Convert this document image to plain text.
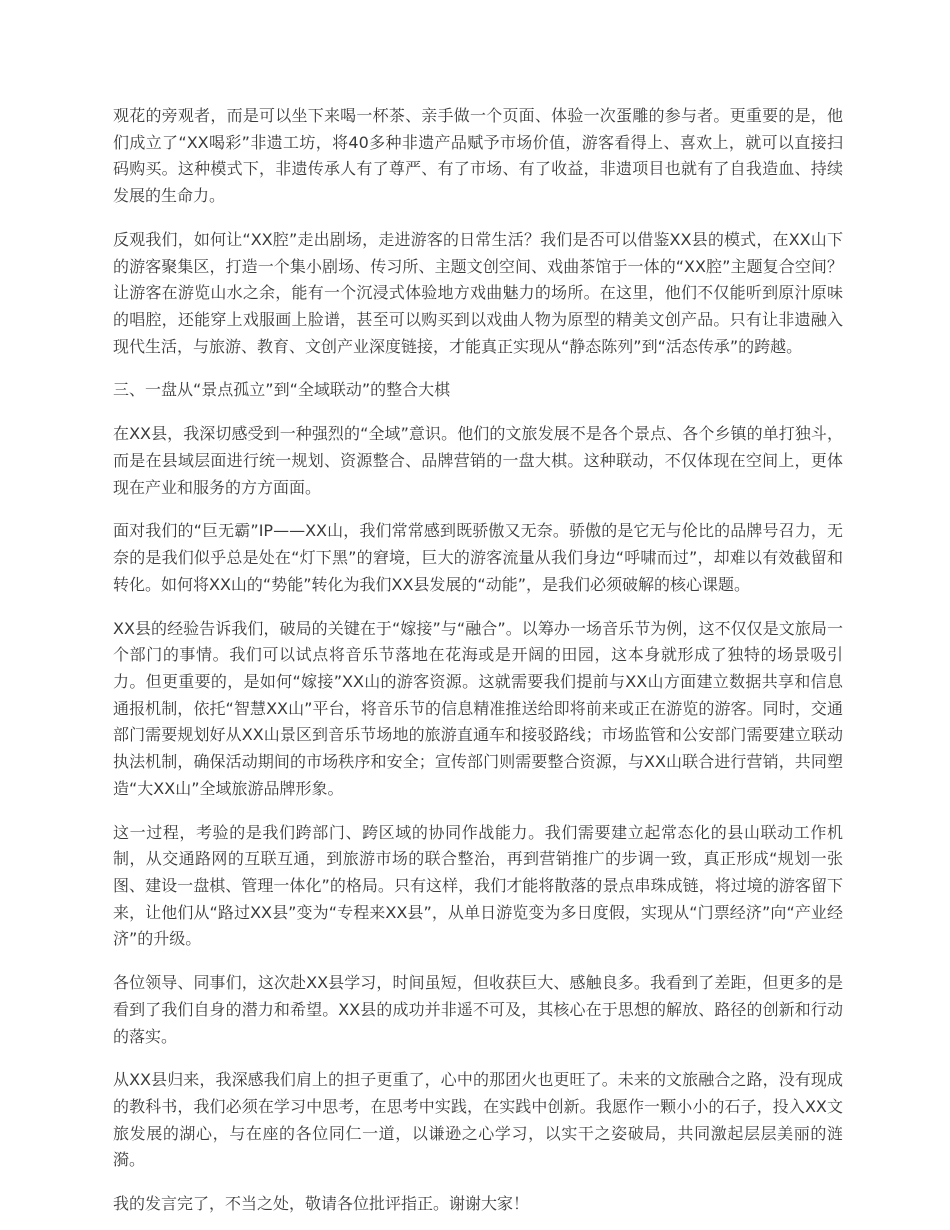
观花的旁观者，而是可以坐下来喝一杯茶、亲手做一个页面、体验一次蛋雕的参与者。更重要的是，他们成立了“XX喝彩”非遗工坊，将40多种非遗产品赋予市场价值，游客看得上、喜欢上，就可以直接扫码购买。这种模式下，非遗传承人有了尊严、有了市场、有了收益，非遗项目也就有了自我造血、持续发展的生命力。

反观我们，如何让“XX腔”走出剧场，走进游客的日常生活？我们是否可以借鉴XX县的模式，在XX山下的游客聚集区，打造一个集小剧场、传习所、主题文创空间、戏曲茶馆于一体的“XX腔”主题复合空间？让游客在游览山水之余，能有一个沉浸式体验地方戏曲魅力的场所。在这里，他们不仅能听到原汁原味的唱腔，还能穿上戏服画上脸谱，甚至可以购买到以戏曲人物为原型的精美文创产品。只有让非遗融入现代生活，与旅游、教育、文创产业深度链接，才能真正实现从“静态陈列”到“活态传承”的跨越。

三、一盘从“景点孤立”到“全域联动”的整合大棋

在XX县，我深切感受到一种强烈的“全域”意识。他们的文旅发展不是各个景点、各个乡镇的单打独斗，而是在县域层面进行统一规划、资源整合、品牌营销的一盘大棋。这种联动，不仅体现在空间上，更体现在产业和服务的方方面面。

面对我们的“巨无霸”IP——XX山，我们常常感到既骄傲又无奈。骄傲的是它无与伦比的品牌号召力，无奈的是我们似乎总是处在“灯下黑”的窘境，巨大的游客流量从我们身边“呼啸而过”，却难以有效截留和转化。如何将XX山的“势能”转化为我们XX县发展的“动能”，是我们必须破解的核心课题。

XX县的经验告诉我们，破局的关键在于“嫁接”与“融合”。以筹办一场音乐节为例，这不仅仅是文旅局一个部门的事情。我们可以试点将音乐节落地在花海或是开阔的田园，这本身就形成了独特的场景吸引力。但更重要的，是如何“嫁接”XX山的游客资源。这就需要我们提前与XX山方面建立数据共享和信息通报机制，依托“智慧XX山”平台，将音乐节的信息精准推送给即将前来或正在游览的游客。同时，交通部门需要规划好从XX山景区到音乐节场地的旅游直通车和接驳路线；市场监管和公安部门需要建立联动执法机制，确保活动期间的市场秩序和安全；宣传部门则需要整合资源，与XX山联合进行营销，共同塑造“大XX山”全域旅游品牌形象。

这一过程，考验的是我们跨部门、跨区域的协同作战能力。我们需要建立起常态化的县山联动工作机制，从交通路网的互联互通，到旅游市场的联合整治，再到营销推广的步调一致，真正形成“规划一张图、建设一盘棋、管理一体化”的格局。只有这样，我们才能将散落的景点串珠成链，将过境的游客留下来，让他们从“路过XX县”变为“专程来XX县”，从单日游览变为多日度假，实现从“门票经济”向“产业经济”的升级。

各位领导、同事们，这次赴XX县学习，时间虽短，但收获巨大、感触良多。我看到了差距，但更多的是看到了我们自身的潜力和希望。XX县的成功并非遥不可及，其核心在于思想的解放、路径的创新和行动的落实。

从XX县归来，我深感我们肩上的担子更重了，心中的那团火也更旺了。未来的文旅融合之路，没有现成的教科书，我们必须在学习中思考，在思考中实践，在实践中创新。我愿作一颗小小的石子，投入XX文旅发展的湖心，与在座的各位同仁一道，以谦逊之心学习，以实干之姿破局，共同激起层层美丽的涟漪。

我的发言完了，不当之处，敬请各位批评指正。谢谢大家！
